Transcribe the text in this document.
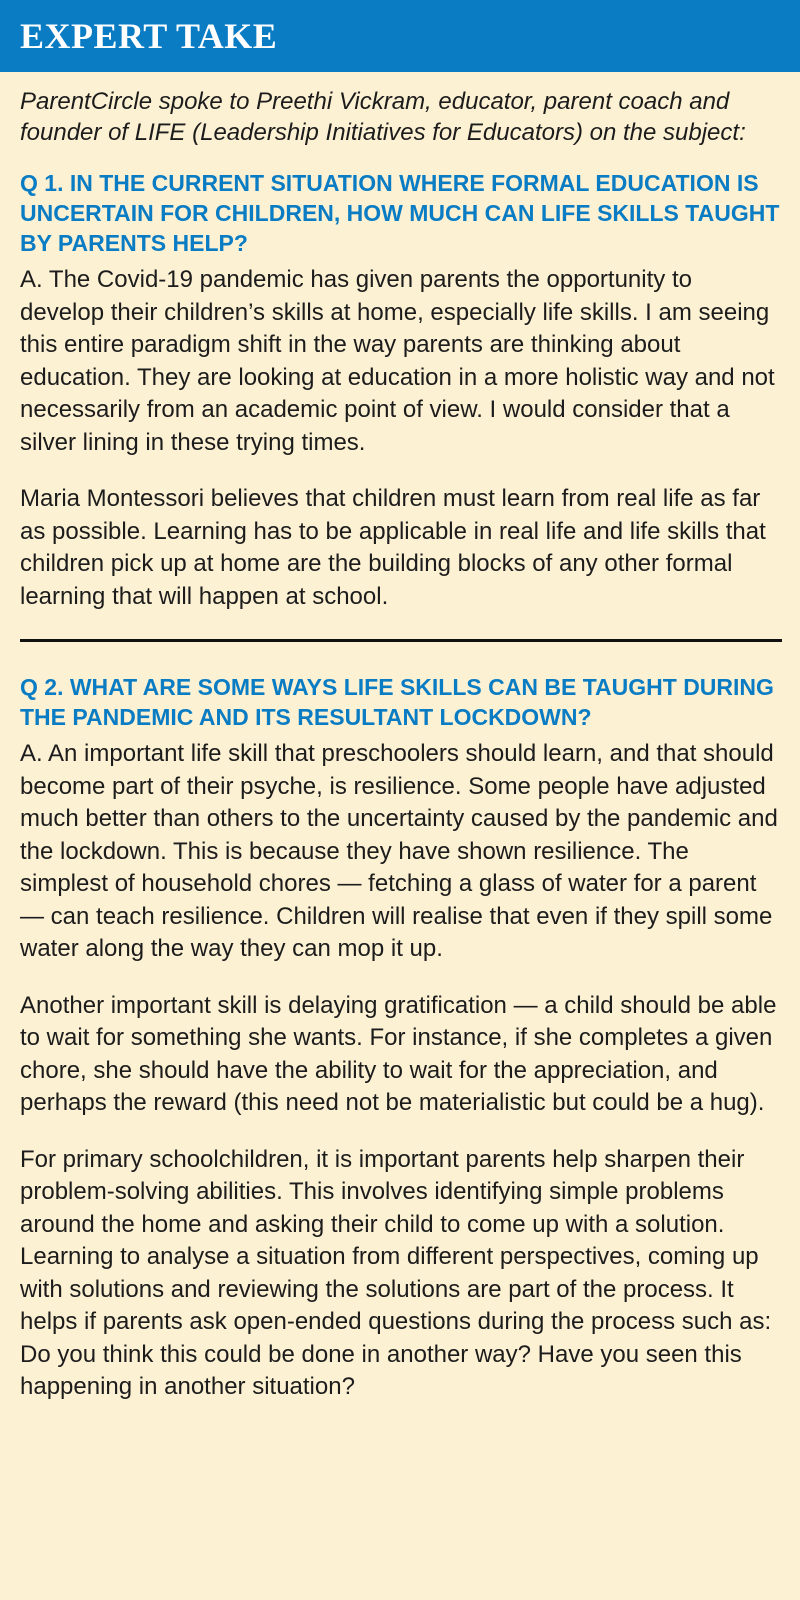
EXPERT TAKE

ParentCircle spoke to Preethi Vickram, educator, parent coach and founder of LIFE (Leadership Initiatives for Educators) on the subject:

Q 1. IN THE CURRENT SITUATION WHERE FORMAL EDUCATION IS UNCERTAIN FOR CHILDREN, HOW MUCH CAN LIFE SKILLS TAUGHT BY PARENTS HELP?

A. The Covid-19 pandemic has given parents the opportunity to develop their children’s skills at home, especially life skills. I am seeing this entire paradigm shift in the way parents are thinking about education. They are looking at education in a more holistic way and not necessarily from an academic point of view. I would consider that a silver lining in these trying times.

Maria Montessori believes that children must learn from real life as far as possible. Learning has to be applicable in real life and life skills that children pick up at home are the building blocks of any other formal learning that will happen at school.

Q 2. WHAT ARE SOME WAYS LIFE SKILLS CAN BE TAUGHT DURING THE PANDEMIC AND ITS RESULTANT LOCKDOWN?

A. An important life skill that preschoolers should learn, and that should become part of their psyche, is resilience. Some people have adjusted much better than others to the uncertainty caused by the pandemic and the lockdown. This is because they have shown resilience. The simplest of household chores — fetching a glass of water for a parent — can teach resilience. Children will realise that even if they spill some water along the way they can mop it up.

Another important skill is delaying gratification — a child should be able to wait for something she wants. For instance, if she completes a given chore, she should have the ability to wait for the appreciation, and perhaps the reward (this need not be materialistic but could be a hug).

For primary schoolchildren, it is important parents help sharpen their problem-solving abilities. This involves identifying simple problems around the home and asking their child to come up with a solution. Learning to analyse a situation from different perspectives, coming up with solutions and reviewing the solutions are part of the process. It helps if parents ask open-ended questions during the process such as: Do you think this could be done in another way? Have you seen this happening in another situation?
